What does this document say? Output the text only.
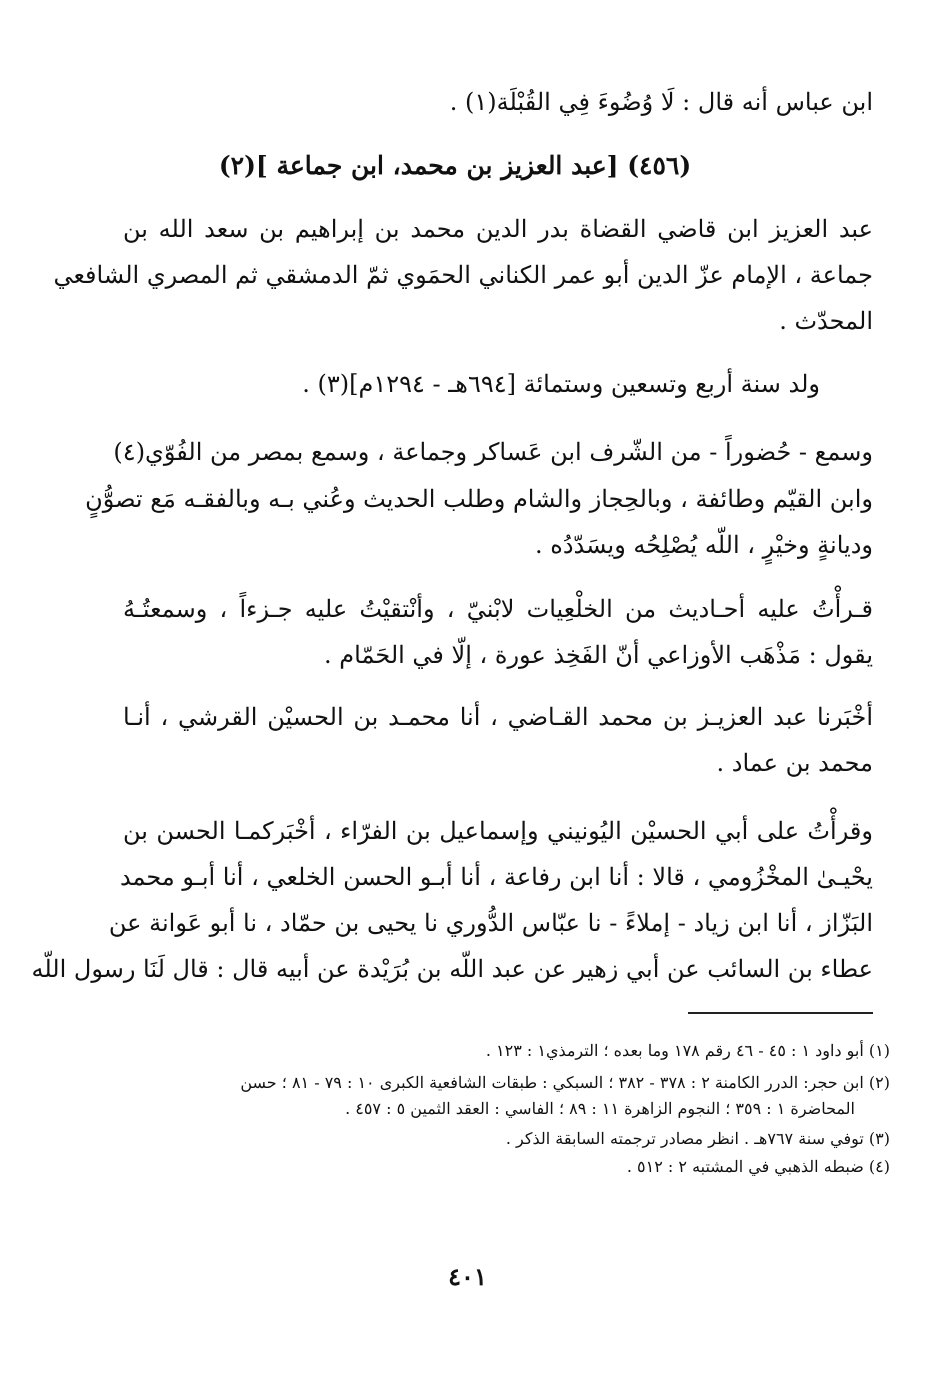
ابن عباس أنه قال : لَا وُضُوءَ فِي القُبْلَة(١) .
(٤٥٦) [عبد العزيز بن محمد، ابن جماعة ](٢)
عبد العزيز ابن قاضي القضاة بدر الدين محمد بن إبراهيم بن سعد الله بن
جماعة ، الإمام عزّ الدين أبو عمر الكناني الحمَوي ثمّ الدمشقي ثم المصري الشافعي
المحدّث .
ولد سنة أربع وتسعين وستمائة [٦٩٤هـ - ١٢٩٤م](٣) .
وسمع - حُضوراً - من الشّرف ابن عَساكر وجماعة ، وسمع بمصر من الفُوّي(٤)
وابن القيّم وطائفة ، وبالحِجاز والشام وطلب الحديث وعُني بـه وبالفقـه مَع تصوُّنٍ
وديانةٍ وخيْرٍ ، اللّه يُصْلِحُه ويسَدّدُه .
قـرأْتُ عليه أحـاديث من الخلْعِيات لابْنيّ ، وأنْتقيْتُ عليه جـزءاً ، وسمعتُـهُ
يقول : مَذْهَب الأوزاعي أنّ الفَخِذ عورة ، إلّا في الحَمّام .
أخْبَرنا عبد العزيـز بن محمد القـاضي ، أنا محمـد بن الحسيْن القرشي ، أنـا
محمد بن عماد .
وقرأْتُ على أبي الحسيْن اليُونيني وإسماعيل بن الفرّاء ، أخْبَركمـا الحسن بن
يحْيـىٰ المخْزُومي ، قالا : أنا ابن رفاعة ، أنا أبـو الحسن الخلعي ، أنا أبـو محمد
البَزّاز ، أنا ابن زياد - إملاءً - نا عبّاس الدُّوري نا يحيى بن حمّاد ، نا أبو عَوانة عن
عطاء بن السائب عن أبي زهير عن عبد اللّه بن بُرَيْدة عن أبيه قال : قال لَنَا رسول اللّه
(١) أبو داود ١ : ٤٥ - ٤٦ رقم ١٧٨ وما بعده ؛ الترمذي١ : ١٢٣ .
(٢) ابن حجر: الدرر الكامنة ٢ : ٣٧٨ - ٣٨٢ ؛ السبكي : طبقات الشافعية الكبرى ١٠ : ٧٩ - ٨١ ؛ حسن
المحاضرة ١ : ٣٥٩ ؛ النجوم الزاهرة ١١ : ٨٩ ؛ الفاسي : العقد الثمين ٥ : ٤٥٧ .
(٣) توفي سنة ٧٦٧هـ . انظر مصادر ترجمته السابقة الذكر .
(٤) ضبطه الذهبي في المشتبه ٢ : ٥١٢ .
٤٠١
